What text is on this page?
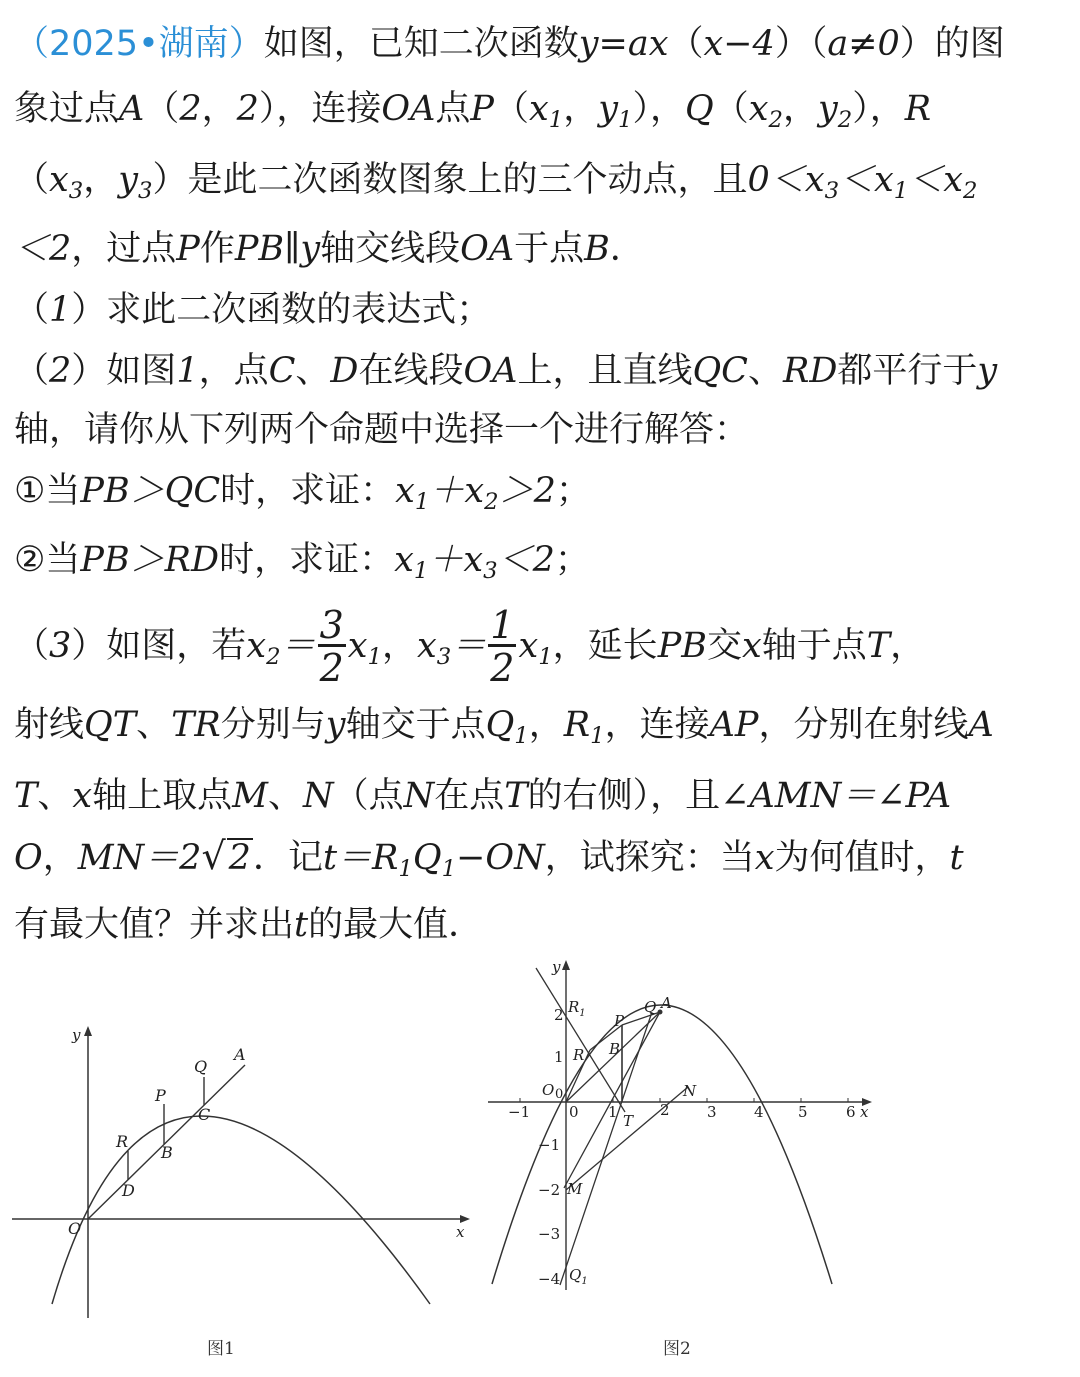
（2025•湖南）如图，已知二次函数y=ax（x−4）（a≠0）的图
象过点A（2，2），连接OA点$P(x_1$，$y_1$），$Q(x_2$，$y_2$），R
（$x_3$，$y_3$）是此二次函数图象上的三个动点，且$0<x_3<x_1<x_2$
＜2，过点P作PB∥y轴交线段OA于点B．
（1）求此二次函数的表达式；
（2）如图1，点C、D在线段OA上，且直线QC、RD都平行于y
轴，请你从下列两个命题中选择一个进行解答：
①当PB＞QC时，求证：$x_1+x_2>2$；
②当PB＞RD时，求证：$x_1+x_3<2$；
（3）如图，若$x_2= \frac{3}{2} x_1$，$x_3= \frac{1}{2} x_1$，延长PB交x轴于点T，
射线QT、TR分别与y轴交于点$Q_1$，$R_1$，连接AP，分别在射线A
T、x轴上取点M、N（点N在点T的右侧），且∠AMN＝∠PA
O，MN＝2√2．记$t=R_1Q_1-ON$，试探究：当x为何值时，t
有最大值？并求出t的最大值．
y
x
O
A
Q
P
R
C
B
D
图1
−1	0 1	2 3 4 5	6
2
1
−1
−2
−3
−4
y
x
O 0
$R_1$
R
P
B
Q A
T
N
M
$Q_1$
图2
